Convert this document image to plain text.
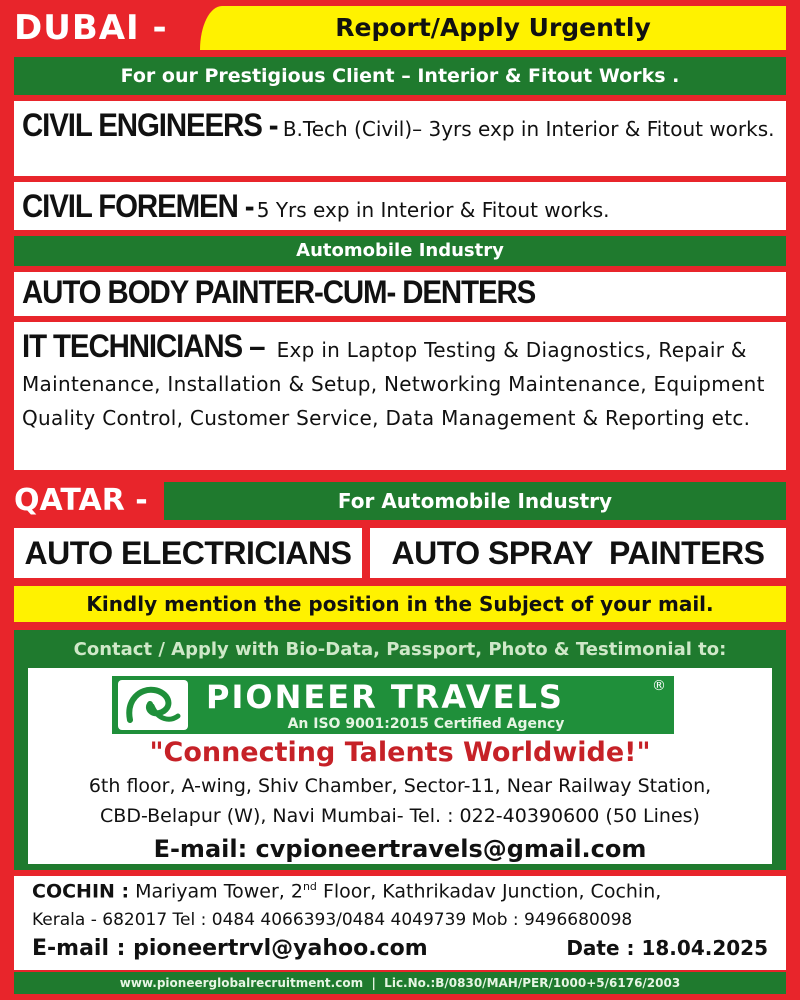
DUBAI -	Report/Apply Urgently
For our Prestigious Client – Interior & Fitout Works .
CIVIL ENGINEERS - B.Tech (Civil)– 3yrs exp in Interior & Fitout works.
CIVIL FOREMEN - 5 Yrs exp in Interior & Fitout works.
Automobile Industry
AUTO BODY PAINTER-CUM- DENTERS
IT TECHNICIANS – Exp in Laptop Testing & Diagnostics, Repair & Maintenance, Installation & Setup, Networking Maintenance, Equipment Quality Control, Customer Service, Data Management & Reporting etc.
QATAR -	For Automobile Industry
AUTO ELECTRICIANS	AUTO SPRAY  PAINTERS
Kindly mention the position in the Subject of your mail.
Contact / Apply with Bio-Data, Passport, Photo & Testimonial to:
PIONEER TRAVELS	®
An ISO 9001:2015 Certified Agency
"Connecting Talents Worldwide!"
6th floor, A-wing, Shiv Chamber, Sector-11, Near Railway Station,
CBD-Belapur (W), Navi Mumbai- Tel. : 022-40390600 (50 Lines)
E-mail: cvpioneertravels@gmail.com
COCHIN : Mariyam Tower, 2nd Floor, Kathrikadav Junction, Cochin,
Kerala - 682017 Tel : 0484 4066393/0484 4049739 Mob : 9496680098
E-mail : pioneertrvl@yahoo.com	Date : 18.04.2025
www.pioneerglobalrecruitment.com  |  Lic.No.:B/0830/MAH/PER/1000+5/6176/2003
